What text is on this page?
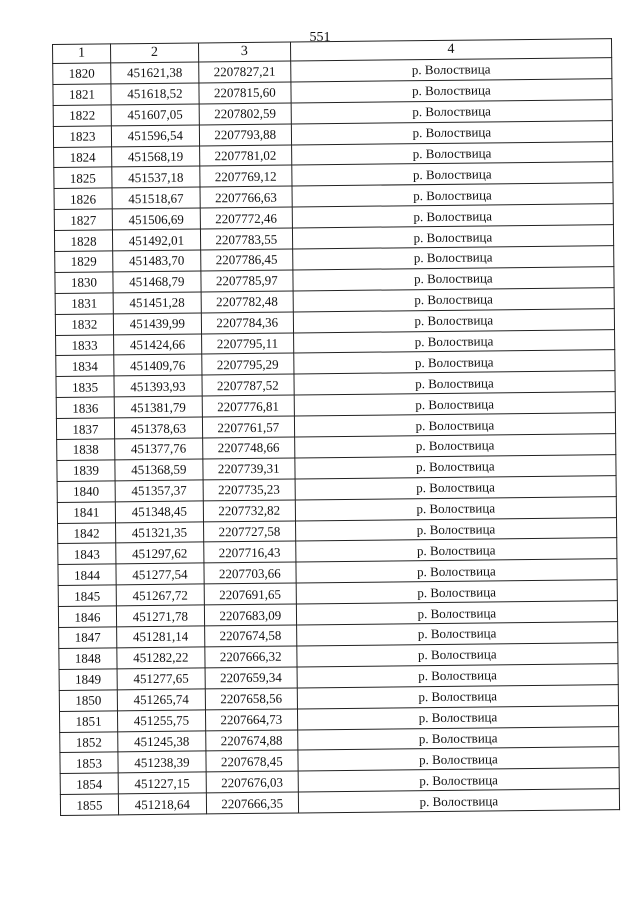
551
1	2	3	4
1820	451621,38	2207827,21	р. Волоствица
1821	451618,52	2207815,60	р. Волоствица
1822	451607,05	2207802,59	р. Волоствица
1823	451596,54	2207793,88	р. Волоствица
1824	451568,19	2207781,02	р. Волоствица
1825	451537,18	2207769,12	р. Волоствица
1826	451518,67	2207766,63	р. Волоствица
1827	451506,69	2207772,46	р. Волоствица
1828	451492,01	2207783,55	р. Волоствица
1829	451483,70	2207786,45	р. Волоствица
1830	451468,79	2207785,97	р. Волоствица
1831	451451,28	2207782,48	р. Волоствица
1832	451439,99	2207784,36	р. Волоствица
1833	451424,66	2207795,11	р. Волоствица
1834	451409,76	2207795,29	р. Волоствица
1835	451393,93	2207787,52	р. Волоствица
1836	451381,79	2207776,81	р. Волоствица
1837	451378,63	2207761,57	р. Волоствица
1838	451377,76	2207748,66	р. Волоствица
1839	451368,59	2207739,31	р. Волоствица
1840	451357,37	2207735,23	р. Волоствица
1841	451348,45	2207732,82	р. Волоствица
1842	451321,35	2207727,58	р. Волоствица
1843	451297,62	2207716,43	р. Волоствица
1844	451277,54	2207703,66	р. Волоствица
1845	451267,72	2207691,65	р. Волоствица
1846	451271,78	2207683,09	р. Волоствица
1847	451281,14	2207674,58	р. Волоствица
1848	451282,22	2207666,32	р. Волоствица
1849	451277,65	2207659,34	р. Волоствица
1850	451265,74	2207658,56	р. Волоствица
1851	451255,75	2207664,73	р. Волоствица
1852	451245,38	2207674,88	р. Волоствица
1853	451238,39	2207678,45	р. Волоствица
1854	451227,15	2207676,03	р. Волоствица
1855	451218,64	2207666,35	р. Волоствица
